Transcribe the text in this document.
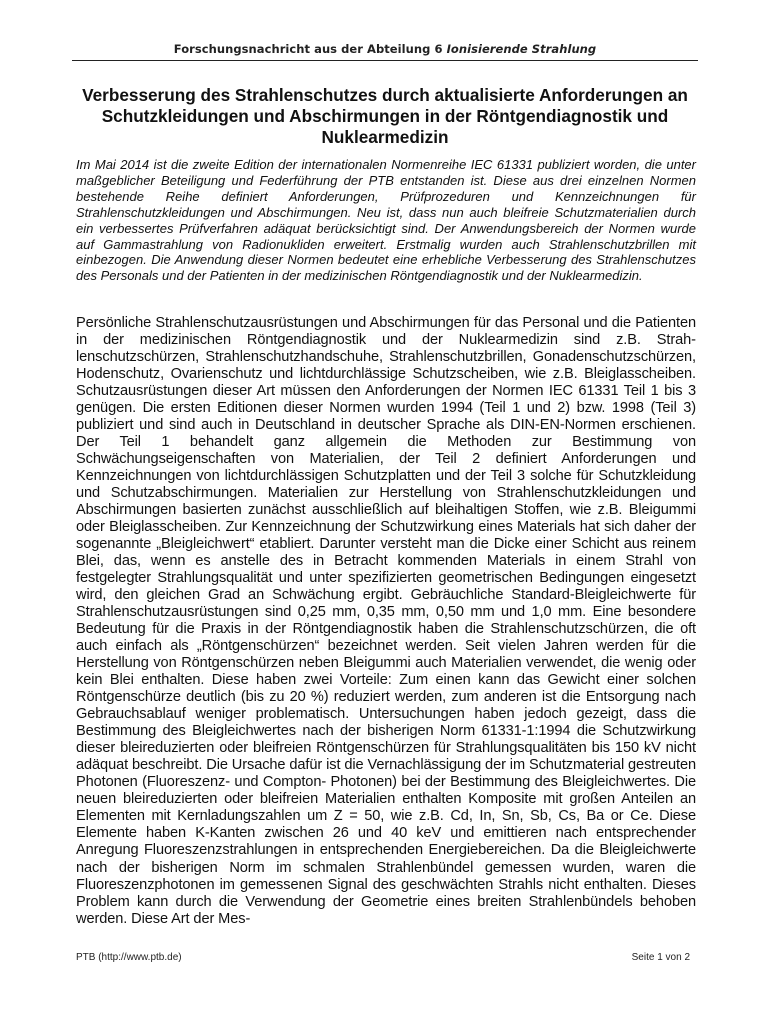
Forschungsnachricht aus der Abteilung 6 Ionisierende Strahlung
Verbesserung des Strahlenschutzes durch aktualisierte Anforderungen an Schutzkleidungen und Abschirmungen in der Röntgendiagnostik und Nuklearmedizin

Im Mai 2014 ist die zweite Edition der internationalen Normenreihe IEC 61331 publiziert worden, die unter maßgeblicher Beteiligung und Federführung der PTB entstanden ist. Diese aus drei einzelnen Normen bestehende Reihe definiert Anforderungen, Prüfprozeduren und Kennzeichnungen für Strahlenschutzkleidungen und Abschirmungen. Neu ist, dass nun auch bleifreie Schutzmaterialien durch ein verbessertes Prüfverfahren adäquat berücksichtigt sind. Der Anwendungsbereich der Normen wurde auf Gammastrahlung von Radionukliden erweitert. Erstmalig wurden auch Strahlenschutzbrillen mit einbezogen. Die Anwendung dieser Normen bedeutet eine erhebliche Verbesserung des Strahlenschutzes des Personals und der Patienten in der medizinischen Röntgendiagnostik und der Nuklearmedizin.

Persönliche Strahlenschutzausrüstungen und Abschirmungen für das Personal und die Patienten in der medizinischen Röntgendiagnostik und der Nuklearmedizin sind z.B. Strahlenschutzschürzen, Strahlenschutzhandschuhe, Strahlenschutzbrillen, Gonadenschutzschürzen, Hodenschutz, Ovarienschutz und lichtdurchlässige Schutzscheiben, wie z.B. Bleiglasscheiben. Schutzausrüstungen dieser Art müssen den Anforderungen der Normen IEC 61331 Teil 1 bis 3 genügen. Die ersten Editionen dieser Normen wurden 1994 (Teil 1 und 2) bzw. 1998 (Teil 3) publiziert und sind auch in Deutschland in deutscher Sprache als DIN-EN-Normen erschienen. Der Teil 1 behandelt ganz allgemein die Methoden zur Bestimmung von Schwächungseigenschaften von Materialien, der Teil 2 definiert Anforderungen und Kennzeichnungen von lichtdurchlässigen Schutzplatten und der Teil 3 solche für Schutzkleidung und Schutzabschirmungen. Materialien zur Herstellung von Strahlenschutzkleidungen und Abschirmungen basierten zunächst ausschließlich auf bleihaltigen Stoffen, wie z.B. Bleigummi oder Bleiglasscheiben. Zur Kennzeichnung der Schutzwirkung eines Materials hat sich daher der sogenannte „Bleigleichwert“ etabliert. Darunter versteht man die Dicke einer Schicht aus reinem Blei, das, wenn es anstelle des in Betracht kommenden Materials in einem Strahl von festgelegter Strahlungsqualität und unter spezifizierten geometrischen Bedingungen eingesetzt wird, den gleichen Grad an Schwächung ergibt. Gebräuchliche Standard-Bleigleichwerte für Strahlenschutzausrüstungen sind 0,25 mm, 0,35 mm, 0,50 mm und 1,0 mm. Eine besondere Bedeutung für die Praxis in der Röntgendiagnostik haben die Strahlenschutzschürzen, die oft auch einfach als „Röntgenschürzen“ bezeichnet werden. Seit vielen Jahren werden für die Herstellung von Röntgenschürzen neben Bleigummi auch Materialien verwendet, die wenig oder kein Blei enthalten. Diese haben zwei Vorteile: Zum einen kann das Gewicht einer solchen Röntgenschürze deutlich (bis zu 20 %) reduziert werden, zum anderen ist die Entsorgung nach Gebrauchsablauf weniger problematisch. Untersuchungen haben jedoch gezeigt, dass die Bestimmung des Bleigleichwertes nach der bisherigen Norm 61331-1:1994 die Schutzwirkung dieser bleireduzierten oder bleifreien Röntgenschürzen für Strahlungsqualitäten bis 150 kV nicht adäquat beschreibt. Die Ursache dafür ist die Vernachlässigung der im Schutzmaterial gestreuten Photonen (Fluoreszenz- und Compton- Photonen) bei der Bestimmung des Bleigleichwertes. Die neuen bleireduzierten oder bleifreien Materialien enthalten Komposite mit großen Anteilen an Elementen mit Kernladungszahlen um Z = 50, wie z.B. Cd, In, Sn, Sb, Cs, Ba or Ce. Diese Elemente haben K-Kanten zwischen 26 und 40 keV und emittieren nach entsprechender Anregung Fluoreszenzstrahlungen in entsprechenden Energiebereichen. Da die Bleigleichwerte nach der bisherigen Norm im schmalen Strahlenbündel gemessen wurden, waren die Fluoreszenzphotonen im gemessenen Signal des geschwächten Strahls nicht enthalten. Dieses Problem kann durch die Verwendung der Geometrie eines breiten Strahlenbündels behoben werden. Diese Art der Mes-

PTB (http://www.ptb.de)	Seite 1 von 2
